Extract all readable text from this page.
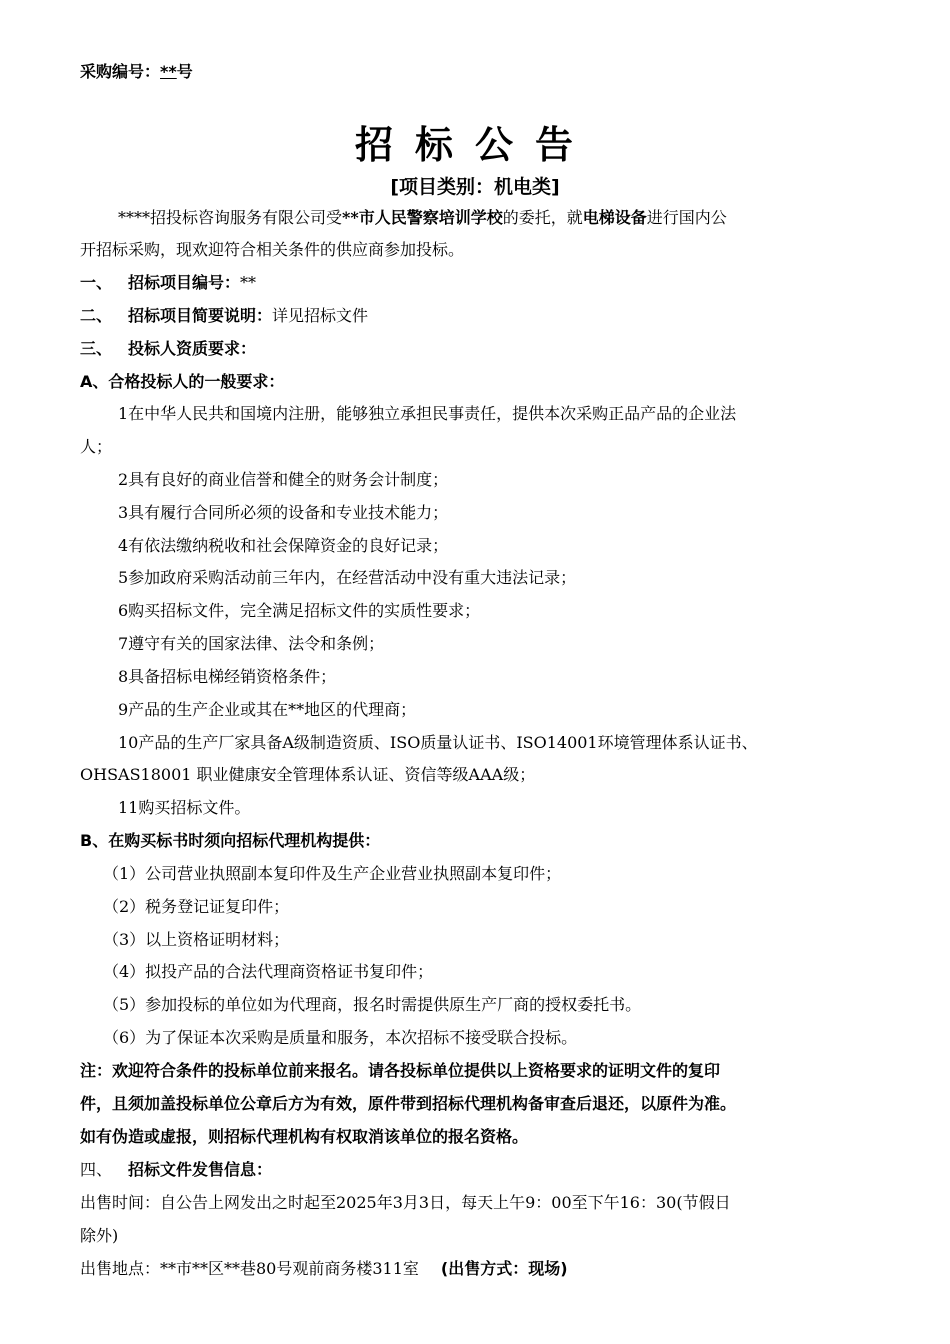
采购编号：**号
招标公告
[项目类别：机电类]
****招投标咨询服务有限公司受**市人民警察培训学校的委托，就电梯设备进行国内公
开招标采购，现欢迎符合相关条件的供应商参加投标。
一、 招标项目编号：**
二、 招标项目简要说明：详见招标文件
三、 投标人资质要求：
A、合格投标人的一般要求：
1在中华人民共和国境内注册，能够独立承担民事责任，提供本次采购正品产品的企业法
人；
2具有良好的商业信誉和健全的财务会计制度；
3具有履行合同所必须的设备和专业技术能力；
4有依法缴纳税收和社会保障资金的良好记录；
5参加政府采购活动前三年内，在经营活动中没有重大违法记录；
6购买招标文件，完全满足招标文件的实质性要求；
7遵守有关的国家法律、法令和条例；
8具备招标电梯经销资格条件；
9产品的生产企业或其在**地区的代理商；
10产品的生产厂家具备A级制造资质、ISO质量认证书、ISO14001环境管理体系认证书、
OHSAS18001 职业健康安全管理体系认证、资信等级AAA级；
11购买招标文件。
B、在购买标书时须向招标代理机构提供：
（1）公司营业执照副本复印件及生产企业营业执照副本复印件；
（2）税务登记证复印件；
（3）以上资格证明材料；
（4）拟投产品的合法代理商资格证书复印件；
（5）参加投标的单位如为代理商，报名时需提供原生产厂商的授权委托书。
（6）为了保证本次采购是质量和服务，本次招标不接受联合投标。
注：欢迎符合条件的投标单位前来报名。请各投标单位提供以上资格要求的证明文件的复印
件，且须加盖投标单位公章后方为有效，原件带到招标代理机构备审查后退还，以原件为准。
如有伪造或虚报，则招标代理机构有权取消该单位的报名资格。
四、 招标文件发售信息：
出售时间：自公告上网发出之时起至2025年3月3日，每天上午9：00至下午16：30(节假日
除外)
出售地点：**市**区**巷80号观前商务楼311室 (出售方式：现场)
